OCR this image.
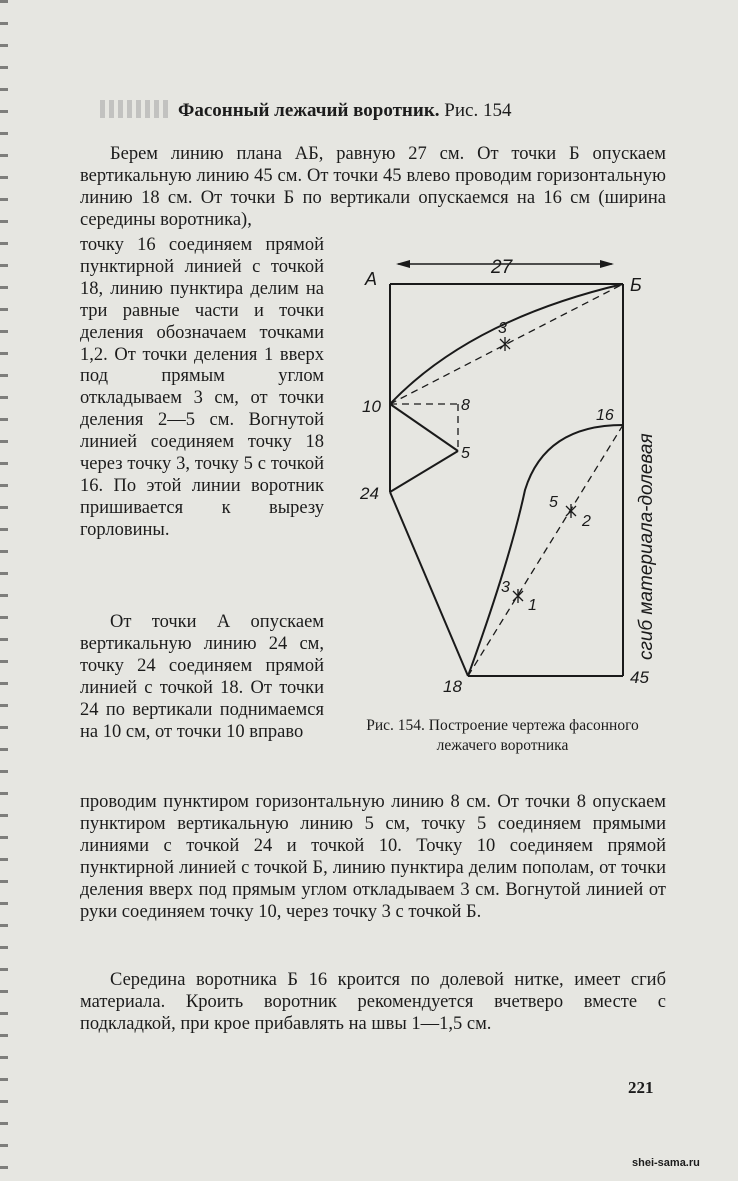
Фасонный лежачий воротник. Рис. 154

Берем линию плана АБ, равную 27 см. От точки Б опускаем вертикальную линию 45 см. От точки 45 влево проводим горизонтальную линию 18 см. От точки Б по вертикали опускаемся на 16 см (ширина середины воротника),

точку 16 соединяем прямой пунктирной линией с точкой 18, линию пунктира делим на три равные части и точки деления обозначаем точками 1,2. От точки деления 1 вверх под прямым углом откладываем 3 см, от точки деления 2—5 см. Вогнутой линией соединяем точку 18 через точку 3, точку 5 с точкой 16. По этой линии воротник пришивается к вырезу горловины.

От точки А опускаем вертикальную линию 24 см, точку 24 соединяем прямой линией с точкой 18. От точки 24 по вертикали поднимаемся на 10 см, от точки 10 вправо

проводим пунктиром горизонтальную линию 8 см. От точки 8 опускаем пунктиром вертикальную линию 5 см, точку 5 соединяем прямыми линиями с точкой 24 и точкой 10. Точку 10 соединяем прямой пунктирной линией с точкой Б, линию пунктира делим пополам, от точки деления вверх под прямым углом откладываем 3 см. Вогнутой линией от руки соединяем точку 10, через точку 3 с точкой Б.

Середина воротника Б 16 кроится по долевой нитке, имеет сгиб материала. Кроить воротник рекомендуется вчетверо вместе с подкладкой, при крое прибавлять на швы 1—1,5 см.

А	Б
27
3
10	8
5
24
16
5
2
3
1
18	45
сгиб материала-долевая
Рис. 154. Построение чертежа фасонного лежачего воротника
221
shei-sama.ru
